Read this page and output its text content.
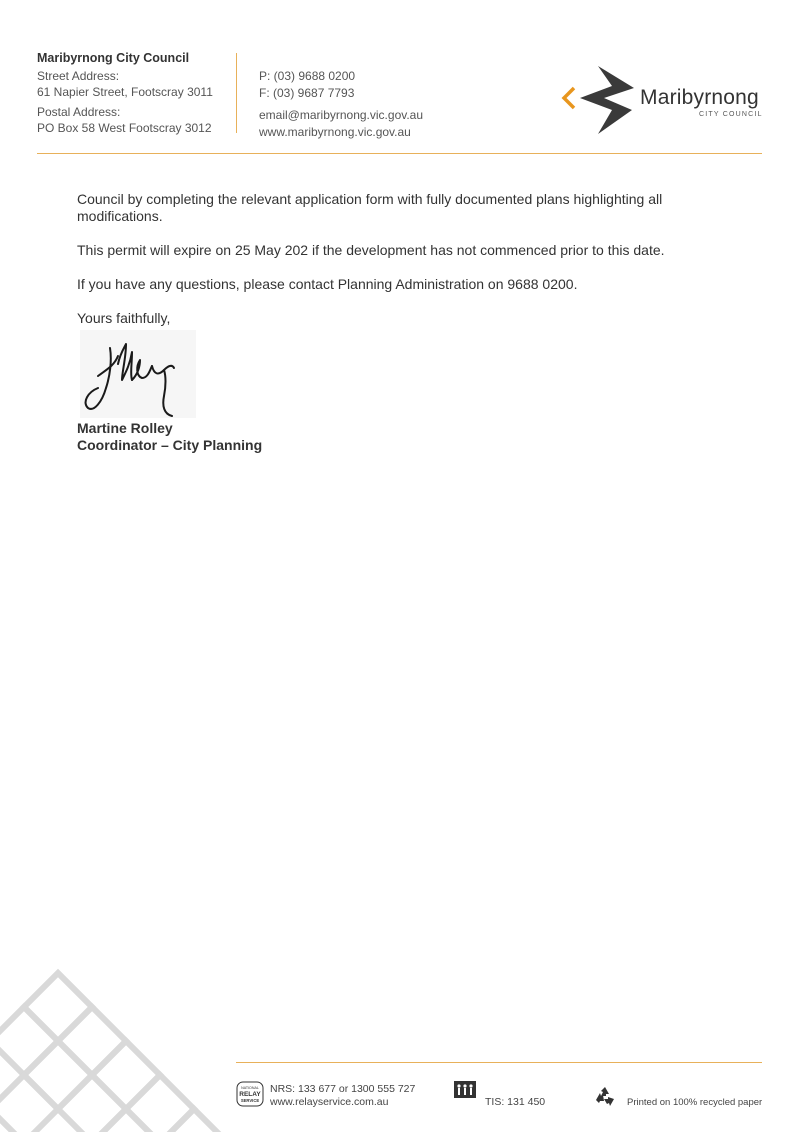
Maribyrnong City Council
Street Address:
61 Napier Street, Footscray 3011
Postal Address:
PO Box 58 West Footscray 3012
P: (03) 9688 0200
F: (03) 9687 7793
email@maribyrnong.vic.gov.au
www.maribyrnong.vic.gov.au
Maribyrnong
CITY COUNCIL
Council by completing the relevant application form with fully documented plans highlighting all modifications.
This permit will expire on 25 May 202 if the development has not commenced prior to this date.
If you have any questions, please contact Planning Administration on 9688 0200.
Yours faithfully,
Martine Rolley
Coordinator – City Planning
NATIONAL
RELAY
SERVICE
NRS: 133 677 or 1300 555 727
www.relayservice.com.au	TIS: 131 450	Printed on 100% recycled paper
